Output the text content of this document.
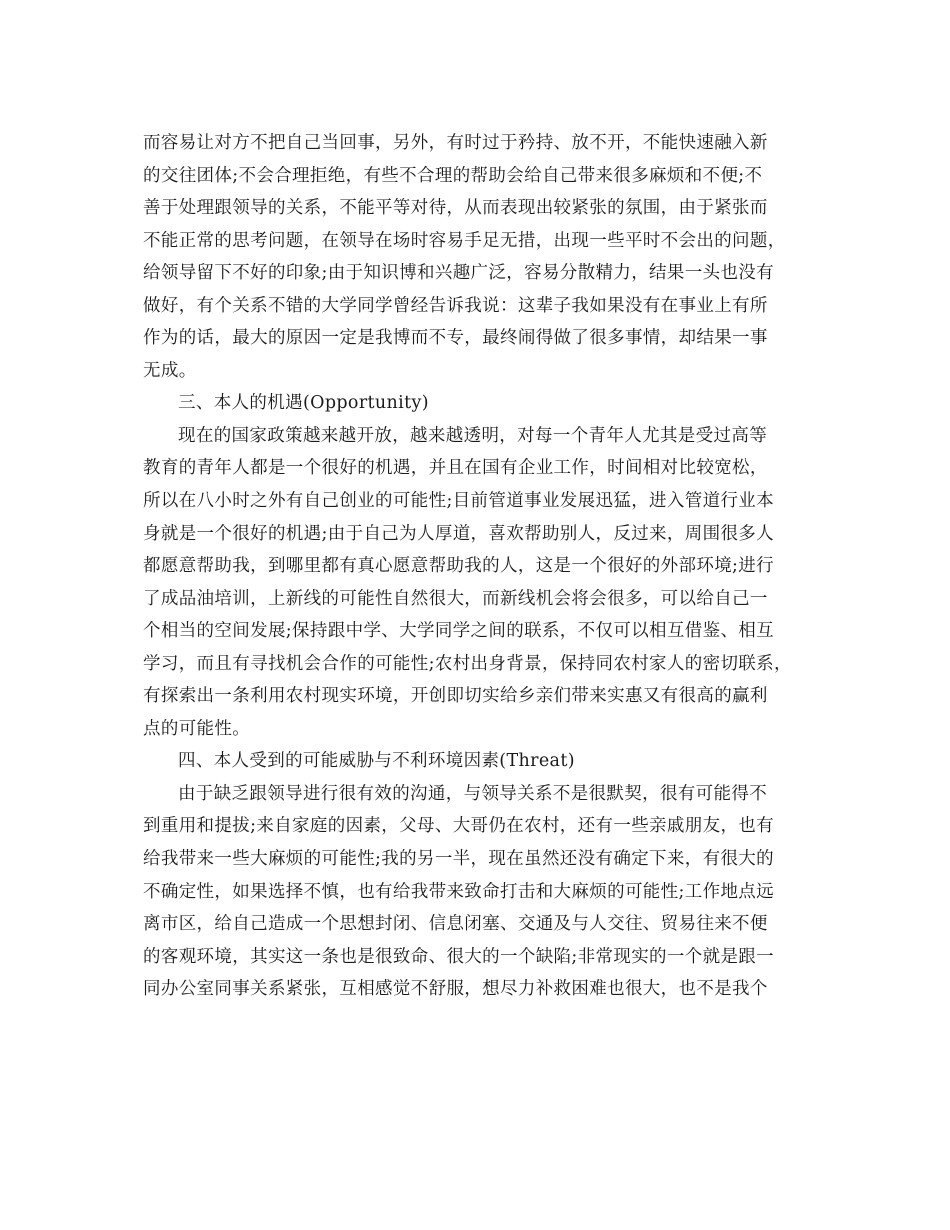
而容易让对方不把自己当回事，另外，有时过于矜持、放不开，不能快速融入新
的交往团体;不会合理拒绝，有些不合理的帮助会给自己带来很多麻烦和不便;不
善于处理跟领导的关系，不能平等对待，从而表现出较紧张的氛围，由于紧张而
不能正常的思考问题，在领导在场时容易手足无措，出现一些平时不会出的问题，
给领导留下不好的印象;由于知识博和兴趣广泛，容易分散精力，结果一头也没有
做好，有个关系不错的大学同学曾经告诉我说：这辈子我如果没有在事业上有所
作为的话，最大的原因一定是我博而不专，最终闹得做了很多事情，却结果一事
无成。
三、本人的机遇(Opportunity)
现在的国家政策越来越开放，越来越透明，对每一个青年人尤其是受过高等
教育的青年人都是一个很好的机遇，并且在国有企业工作，时间相对比较宽松，
所以在八小时之外有自己创业的可能性;目前管道事业发展迅猛，进入管道行业本
身就是一个很好的机遇;由于自己为人厚道，喜欢帮助别人，反过来，周围很多人
都愿意帮助我，到哪里都有真心愿意帮助我的人，这是一个很好的外部环境;进行
了成品油培训，上新线的可能性自然很大，而新线机会将会很多，可以给自己一
个相当的空间发展;保持跟中学、大学同学之间的联系，不仅可以相互借鉴、相互
学习，而且有寻找机会合作的可能性;农村出身背景，保持同农村家人的密切联系，
有探索出一条利用农村现实环境，开创即切实给乡亲们带来实惠又有很高的赢利
点的可能性。
四、本人受到的可能威胁与不利环境因素(Threat)
由于缺乏跟领导进行很有效的沟通，与领导关系不是很默契，很有可能得不
到重用和提拔;来自家庭的因素，父母、大哥仍在农村，还有一些亲戚朋友，也有
给我带来一些大麻烦的可能性;我的另一半，现在虽然还没有确定下来，有很大的
不确定性，如果选择不慎，也有给我带来致命打击和大麻烦的可能性;工作地点远
离市区，给自己造成一个思想封闭、信息闭塞、交通及与人交往、贸易往来不便
的客观环境，其实这一条也是很致命、很大的一个缺陷;非常现实的一个就是跟一
同办公室同事关系紧张，互相感觉不舒服，想尽力补救困难也很大，也不是我个
